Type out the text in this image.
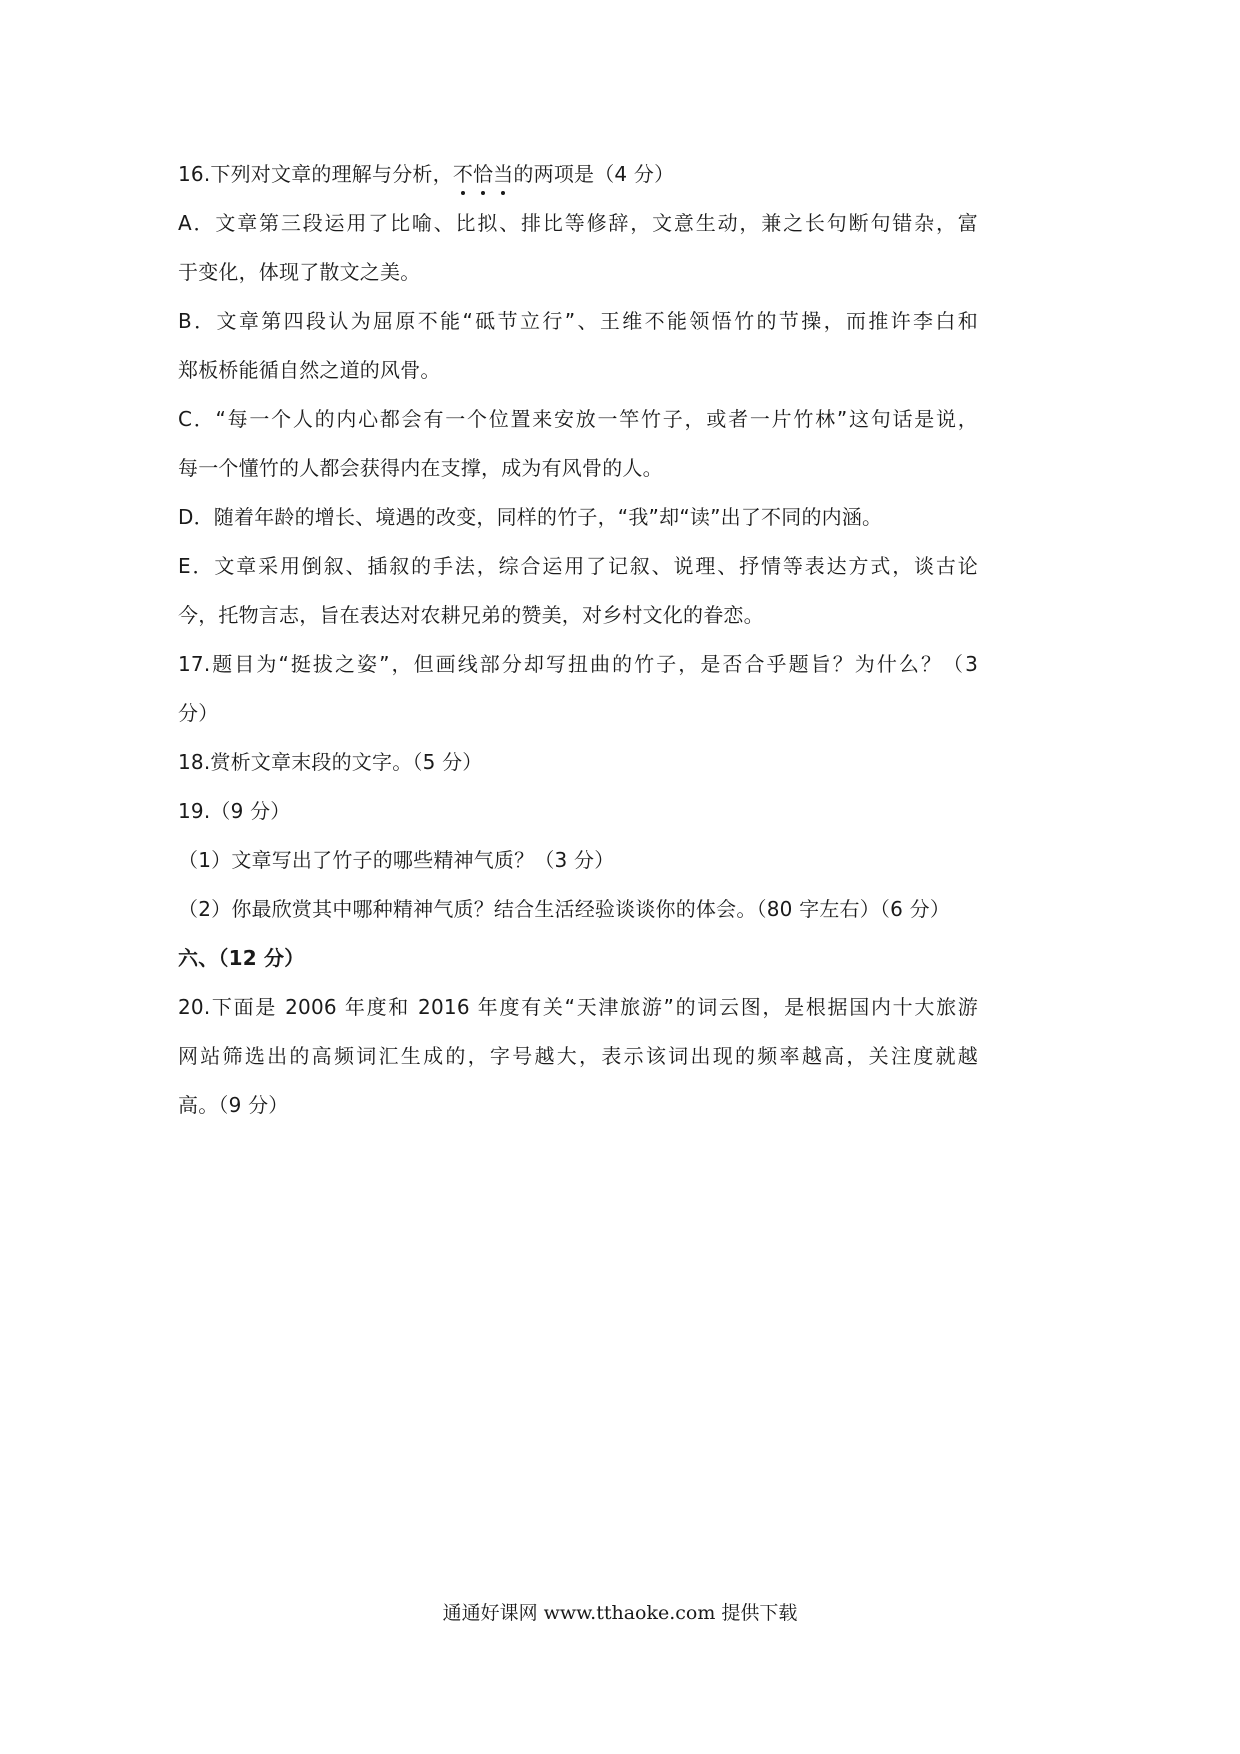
16.下列对文章的理解与分析，不恰当
的两项是（4 分）
A．文章第三段运用了比喻、比拟、排比等修辞，文意生动，兼之长句断句错杂，富
于变化，体现了散文之美。
B．文章第四段认为屈原不能“砥节立行”、王维不能领悟竹的节操，而推许李白和
郑板桥能循自然之道的风骨。
C．“每一个人的内心都会有一个位置来安放一竿竹子，或者一片竹林”这句话是说，
每一个懂竹的人都会获得内在支撑，成为有风骨的人。
D．随着年龄的增长、境遇的改变，同样的竹子，“我”却“读”出了不同的内涵。
E．文章采用倒叙、插叙的手法，综合运用了记叙、说理、抒情等表达方式，谈古论
今，托物言志，旨在表达对农耕兄弟的赞美，对乡村文化的眷恋。
17.题目为“挺拔之姿”，但画线部分却写扭曲的竹子，是否合乎题旨？为什么？（3
分）
18.赏析文章末段的文字。（5 分）
19.（9 分）
（1）文章写出了竹子的哪些精神气质？（3 分）
（2）你最欣赏其中哪种精神气质？结合生活经验谈谈你的体会。（80 字左右）（6 分）
六、（12 分）
20.下面是 2006 年度和 2016 年度有关“天津旅游”的词云图，是根据国内十大旅游
网站筛选出的高频词汇生成的，字号越大，表示该词出现的频率越高，关注度就越
高。（9 分）
通通好课网 www.tthaoke.com 提供下载
